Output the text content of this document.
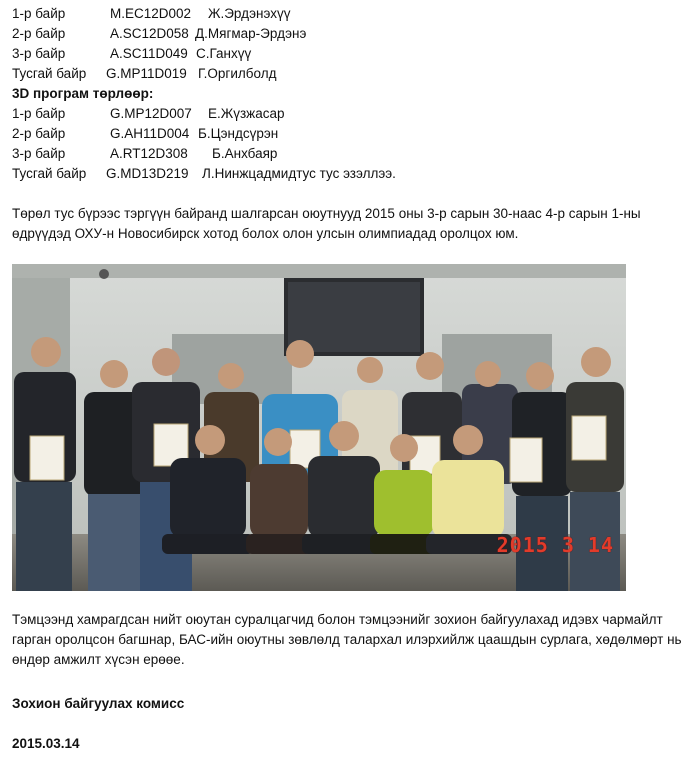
1-р байр	M.EC12D002 Ж.Эрдэнэхүү
2-р байр	A.SC12D058 Д.Мягмар-Эрдэнэ
3-р байр	A.SC11D049 С.Ганхүү
Тусгай байр G.MP11D019 Г.Оргилболд
3D програм төрлөөр:
1-р байр	G.MP12D007 Е.Жүзжасар
2-р байр	G.AH11D004 Б.Цэндсүрэн
3-р байр	A.RT12D308 Б.Анхбаяр
Тусгай байр G.MD13D219 Л.Нинжцадмидтус тус эзэллээ.
Төрөл тус бүрээс тэргүүн байранд шалгарсан оюутнууд 2015 оны 3-р сарын 30-наас 4-р сарын 1-ны өдрүүдэд ОХУ-н Новосибирск хотод болох олон улсын олимпиадад оролцох юм.
2015 3 14
Тэмцээнд хамрагдсан нийт оюутан суралцагчид болон тэмцээнийг зохион байгуулахад идэвх чармайлт гарган оролцсон багшнар, БАС-ийн оюутны зөвлөлд талархал илэрхийлж цаашдын сурлага, хөдөлмөрт нь өндөр амжилт хүсэн ерөөе.
Зохион байгуулах комисс
2015.03.14
